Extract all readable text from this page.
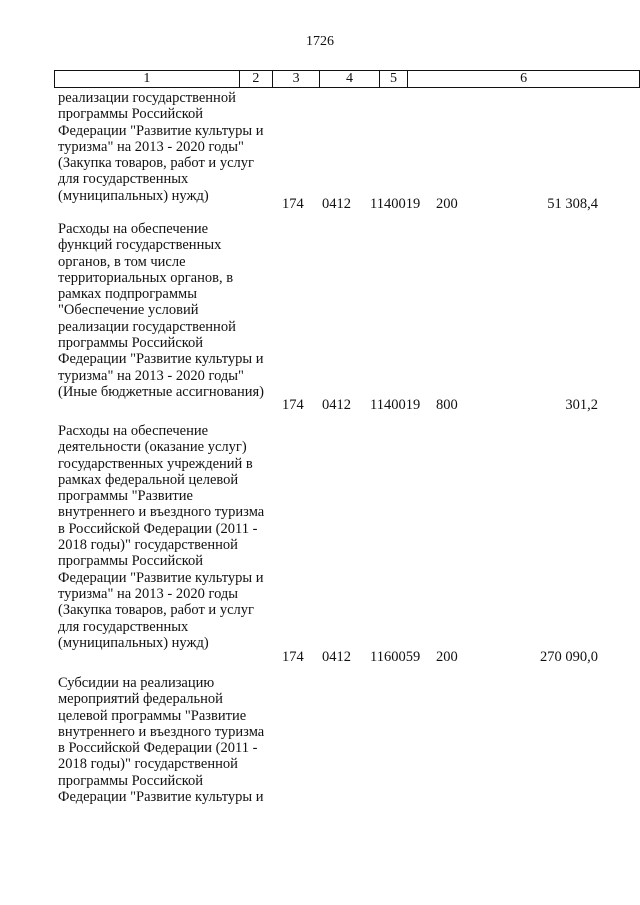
1726
1	2	3	4	5	6
реализации государственной
программы Российской
Федерации "Развитие культуры и
туризма" на 2013 - 2020 годы"
(Закупка товаров, работ и услуг
для государственных
(муниципальных) нужд)
174 0412 1140019 200	51 308,4
Расходы на обеспечение
функций государственных
органов, в том числе
территориальных органов, в
рамках подпрограммы
"Обеспечение условий
реализации государственной
программы Российской
Федерации "Развитие культуры и
туризма" на 2013 - 2020 годы"
(Иные бюджетные ассигнования)
174 0412 1140019 800	301,2
Расходы на обеспечение
деятельности (оказание услуг)
государственных учреждений в
рамках федеральной целевой
программы "Развитие
внутреннего и въездного туризма
в Российской Федерации (2011 -
2018 годы)" государственной
программы Российской
Федерации "Развитие культуры и
туризма" на 2013 - 2020 годы
(Закупка товаров, работ и услуг
для государственных
(муниципальных) нужд)
174 0412 1160059 200	270 090,0
Субсидии на реализацию
мероприятий федеральной
целевой программы "Развитие
внутреннего и въездного туризма
в Российской Федерации (2011 -
2018 годы)" государственной
программы Российской
Федерации "Развитие культуры и
